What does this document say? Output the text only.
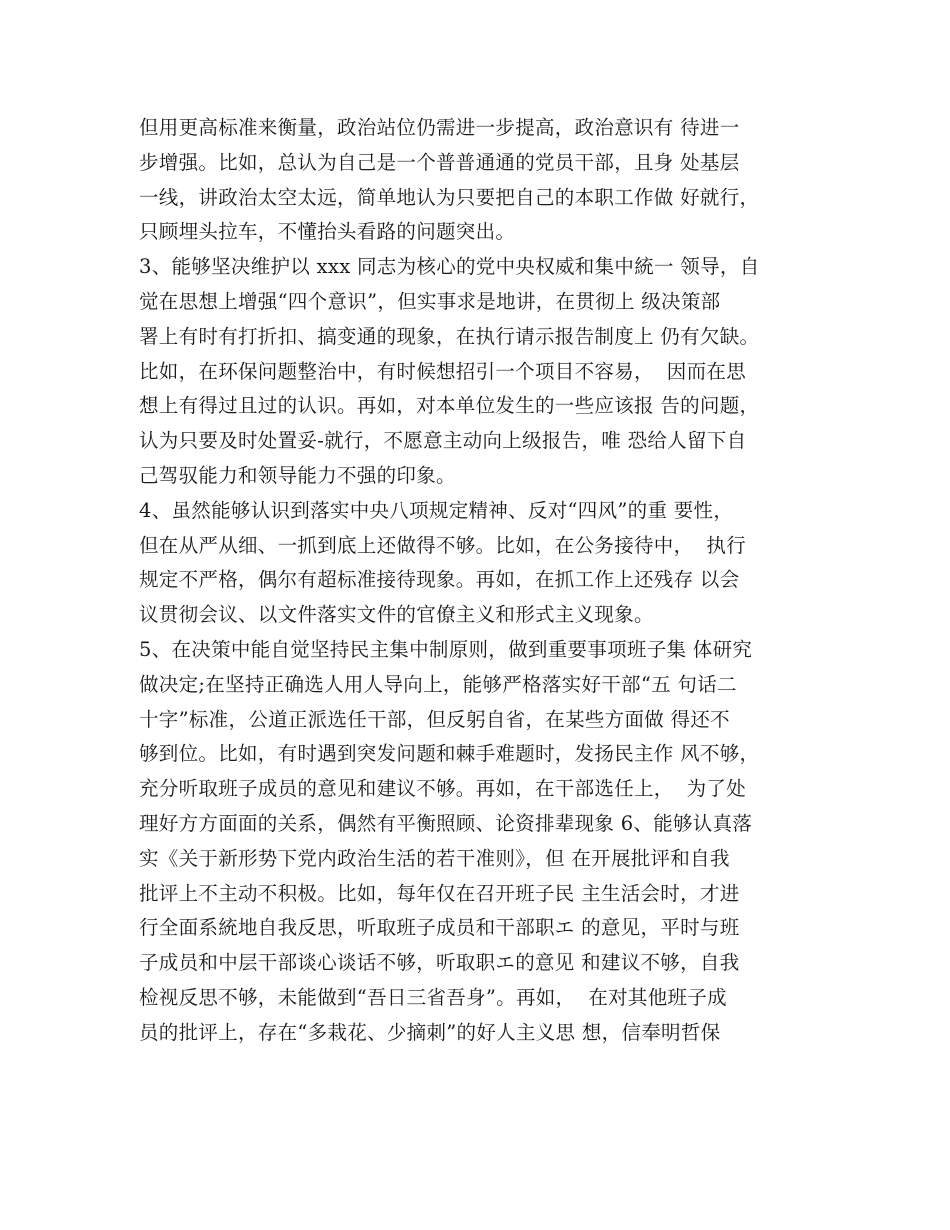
但用更高标准来衡量，政治站位仍需进一步提高，政治意识有 待进一
步增强。比如，总认为自己是一个普普通通的党员干部，且身 处基层
一线，讲政治太空太远，简单地认为只要把自己的本职工作做 好就行，
只顾埋头拉车，不懂抬头看路的问题突出。
3、能够坚决维护以 xxx 同志为核心的党中央权威和集中統一 领导，自
觉在思想上增强“四个意识”，但实事求是地讲，在贯彻上 级决策部
署上有时有打折扣、搞变通的现象，在执行请示报告制度上 仍有欠缺。
比如，在环保问题整治中，有时候想招引一个项目不容易，  因而在思
想上有得过且过的认识。再如，对本单位发生的一些应该报 告的问题，
认为只要及时处置妥-就行，不愿意主动向上级报告，唯 恐给人留下自
己驾驭能力和领导能力不强的印象。
4、虽然能够认识到落实中央八项规定精神、反对“四风”的重 要性，
但在从严从细、一抓到底上还做得不够。比如，在公务接待中，  执行
规定不严格，偶尔有超标准接待现象。再如，在抓工作上还残存 以会
议贯彻会议、以文件落实文件的官僚主义和形式主义现象。
5、在决策中能自觉坚持民主集中制原则，做到重要事项班子集 体研究
做决定;在坚持正确选人用人导向上，能够严格落实好干部“五 句话二
十字”标准，公道正派选任干部，但反躬自省，在某些方面做 得还不
够到位。比如，有时遇到突发问题和棘手难题时，发扬民主作 风不够，
充分听取班子成员的意见和建议不够。再如，在干部选任上，  为了处
理好方方面面的关系，偶然有平衡照顾、论资排辈现象 6、能够认真落
实《关于新形势下党内政治生活的若干准则》，但 在开展批评和自我
批评上不主动不积极。比如，每年仅在召开班子民 主生活会时，才进
行全面系統地自我反思，听取班子成员和干部职エ 的意见，平时与班
子成员和中层干部谈心谈话不够，听取职エ的意见 和建议不够，自我
检视反思不够，未能做到“吾日三省吾身”。再如，  在对其他班子成
员的批评上，存在“多栽花、少摘刺”的好人主义思 想，信奉明哲保
